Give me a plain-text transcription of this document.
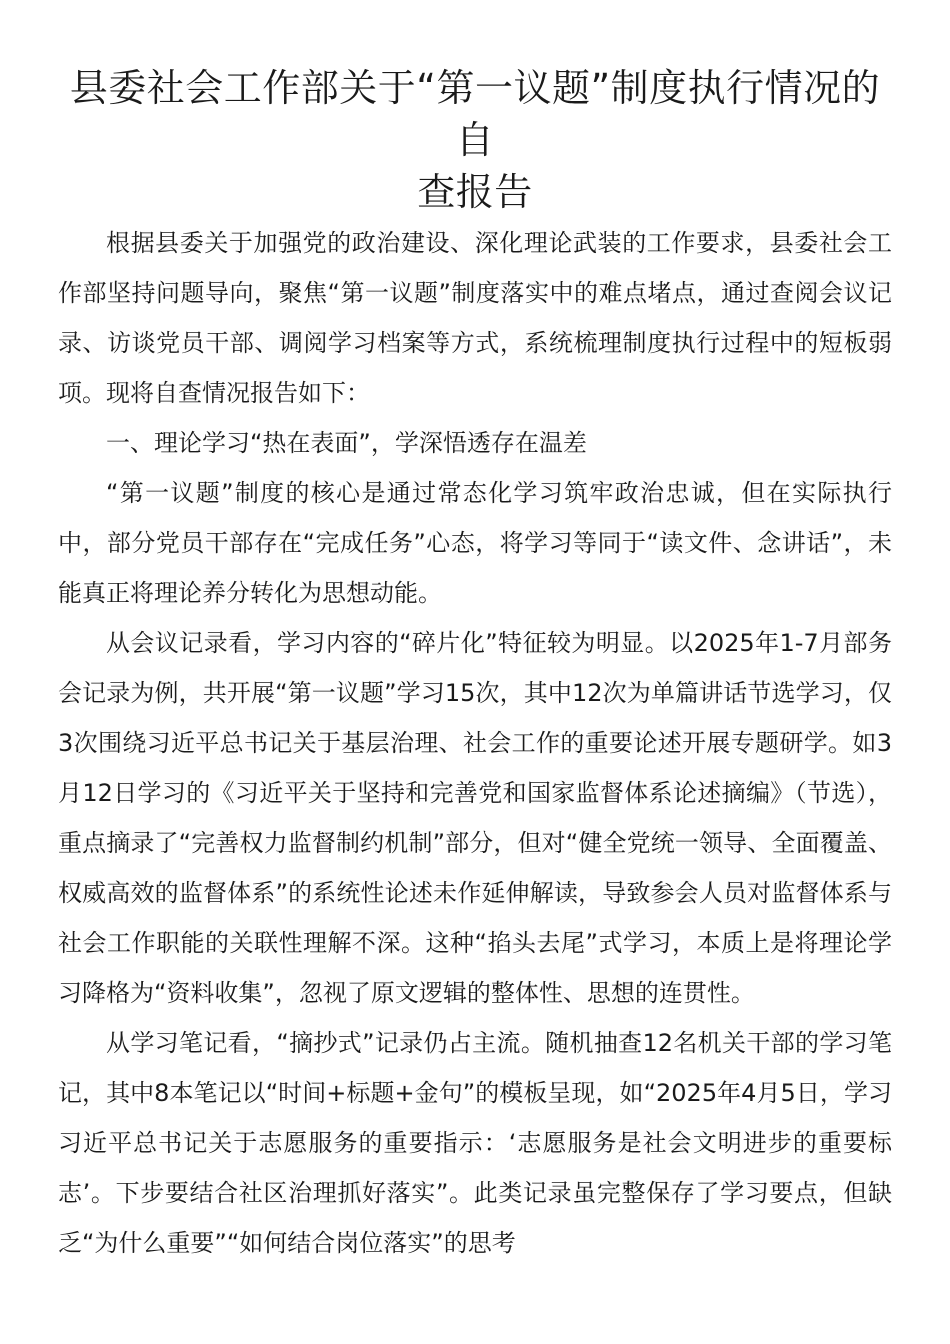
县委社会工作部关于“第一议题”制度执行情况的自
查报告

根据县委关于加强党的政治建设、深化理论武装的工作要求，县委社会工作部坚持问题导向，聚焦“第一议题”制度落实中的难点堵点，通过查阅会议记录、访谈党员干部、调阅学习档案等方式，系统梳理制度执行过程中的短板弱项。现将自查情况报告如下：

一、理论学习“热在表面”，学深悟透存在温差

“第一议题”制度的核心是通过常态化学习筑牢政治忠诚，但在实际执行中，部分党员干部存在“完成任务”心态，将学习等同于“读文件、念讲话”，未能真正将理论养分转化为思想动能。

从会议记录看，学习内容的“碎片化”特征较为明显。以2025年1-7月部务会记录为例，共开展“第一议题”学习15次，其中12次为单篇讲话节选学习，仅3次围绕习近平总书记关于基层治理、社会工作的重要论述开展专题研学。如3月12日学习的《习近平关于坚持和完善党和国家监督体系论述摘编》（节选），重点摘录了“完善权力监督制约机制”部分，但对“健全党统一领导、全面覆盖、权威高效的监督体系”的系统性论述未作延伸解读，导致参会人员对监督体系与社会工作职能的关联性理解不深。这种“掐头去尾”式学习，本质上是将理论学习降格为“资料收集”，忽视了原文逻辑的整体性、思想的连贯性。

从学习笔记看，“摘抄式”记录仍占主流。随机抽查12名机关干部的学习笔记，其中8本笔记以“时间+标题+金句”的模板呈现，如“2025年4月5日，学习习近平总书记关于志愿服务的重要指示：‘志愿服务是社会文明进步的重要标志’。下步要结合社区治理抓好落实”。此类记录虽完整保存了学习要点，但缺乏“为什么重要”“如何结合岗位落实”的思考
